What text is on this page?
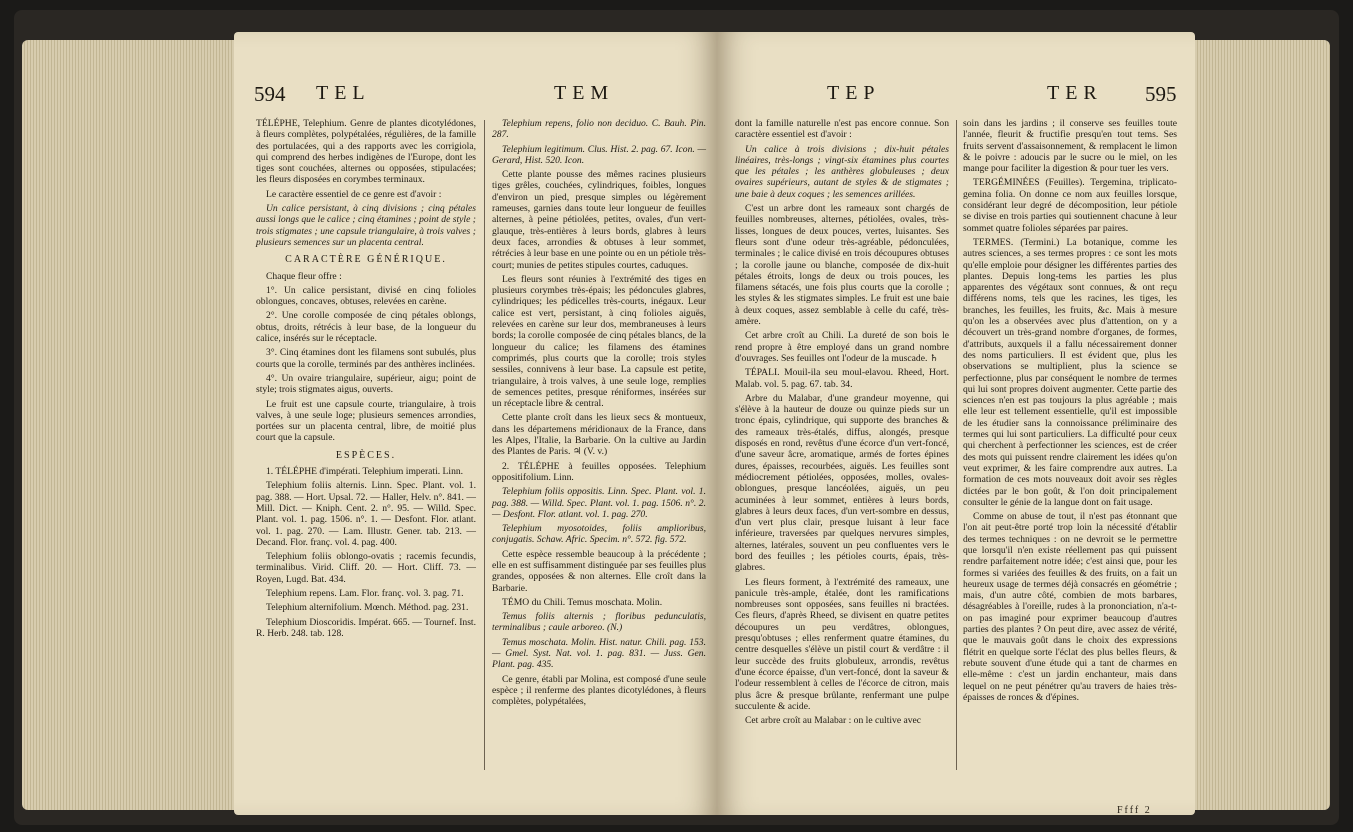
594 TEL	TEM

TÉLÉPHE, Telephium. Genre de plantes dicotylédones, à fleurs complètes, polypétalées, régulières, de la famille des portulacées, qui a des rapports avec les corrigiola, qui comprend des herbes indigènes de l'Europe, dont les tiges sont couchées, alternes ou opposées, stipulacées; les fleurs disposées en corymbes terminaux.

Le caractère essentiel de ce genre est d'avoir :

Un calice persistant, à cinq divisions ; cinq pétales aussi longs que le calice ; cinq étamines ; point de style ; trois stigmates ; une capsule triangulaire, à trois valves ; plusieurs semences sur un placenta central.

CARACTÈRE GÉNÉRIQUE.

Chaque fleur offre :

1°. Un calice persistant, divisé en cinq folioles oblongues, concaves, obtuses, relevées en carène.

2°. Une corolle composée de cinq pétales oblongs, obtus, droits, rétrécis à leur base, de la longueur du calice, insérés sur le réceptacle.

3°. Cinq étamines dont les filamens sont subulés, plus courts que la corolle, terminés par des anthères inclinées.

4°. Un ovaire triangulaire, supérieur, aigu; point de style; trois stigmates aigus, ouverts.

Le fruit est une capsule courte, triangulaire, à trois valves, à une seule loge; plusieurs semences arrondies, portées sur un placenta central, libre, de moitié plus court que la capsule.

ESPÈCES.

1. TÉLÉPHE d'impérati. Telephium imperati. Linn.

Telephium foliis alternis. Linn. Spec. Plant. vol. 1. pag. 388. — Hort. Upsal. 72. — Haller, Helv. n°. 841. — Mill. Dict. — Kniph. Cent. 2. n°. 95. — Willd. Spec. Plant. vol. 1. pag. 1506. n°. 1. — Desfont. Flor. atlant. vol. 1. pag. 270. — Lam. Illustr. Gener. tab. 213. — Decand. Flor. franç. vol. 4. pag. 400.

Telephium foliis oblongo-ovatis ; racemis fecundis, terminalibus. Virid. Cliff. 20. — Hort. Cliff. 73. — Royen, Lugd. Bat. 434.

Telephium repens. Lam. Flor. franç. vol. 3. pag. 71.

Telephium alternifolium. Mœnch. Méthod. pag. 231.

Telephium Dioscoridis. Impérat. 665. — Tournef. Inst. R. Herb. 248. tab. 128.

Telephium repens, folio non deciduo. C. Bauh. Pin. 287.

Telephium legitimum. Clus. Hist. 2. pag. 67. Icon. — Gerard, Hist. 520. Icon.

Cette plante pousse des mêmes racines plusieurs tiges grêles, couchées, cylindriques, foibles, longues d'environ un pied, presque simples ou légèrement rameuses, garnies dans toute leur longueur de feuilles alternes, à peine pétiolées, petites, ovales, d'un vert-glauque, très-entières à leurs bords, glabres à leurs deux faces, arrondies & obtuses à leur sommet, rétrécies à leur base en une pointe ou en un pétiole très-court; munies de petites stipules courtes, caduques.

Les fleurs sont réunies à l'extrémité des tiges en plusieurs corymbes très-épais; les pédoncules glabres, cylindriques; les pédicelles très-courts, inégaux. Leur calice est vert, persistant, à cinq folioles aiguës, relevées en carène sur leur dos, membraneuses à leurs bords; la corolle composée de cinq pétales blancs, de la longueur du calice; les filamens des étamines comprimés, plus courts que la corolle; trois styles sessiles, connivens à leur base. La capsule est petite, triangulaire, à trois valves, à une seule loge, remplies de semences petites, presque réniformes, insérées sur un réceptacle libre & central.

Cette plante croît dans les lieux secs & montueux, dans les départemens méridionaux de la France, dans les Alpes, l'Italie, la Barbarie. On la cultive au Jardin des Plantes de Paris. ♃ (V. v.)

2. TÉLÉPHE à feuilles opposées. Telephium oppositifolium. Linn.

Telephium foliis oppositis. Linn. Spec. Plant. vol. 1. pag. 388. — Willd. Spec. Plant. vol. 1. pag. 1506. n°. 2. — Desfont. Flor. atlant. vol. 1. pag. 270.

Telephium myosotoides, foliis amplioribus, conjugatis. Schaw. Afric. Specim. n°. 572. fig. 572.

Cette espèce ressemble beaucoup à la précédente ; elle en est suffisamment distinguée par ses feuilles plus grandes, opposées & non alternes. Elle croît dans la Barbarie.

TÉMO du Chili. Temus moschata. Molin.

Temus foliis alternis ; floribus pedunculatis, terminalibus ; caule arboreo. (N.)

Temus moschata. Molin. Hist. natur. Chili. pag. 153. — Gmel. Syst. Nat. vol. 1. pag. 831. — Juss. Gen. Plant. pag. 435.

Ce genre, établi par Molina, est composé d'une seule espèce ; il renferme des plantes dicotylédones, à fleurs complètes, polypétalées,

TEP	TER 595

dont la famille naturelle n'est pas encore connue. Son caractère essentiel est d'avoir :

Un calice à trois divisions ; dix-huit pétales linéaires, très-longs ; vingt-six étamines plus courtes que les pétales ; les anthères globuleuses ; deux ovaires supérieurs, autant de styles & de stigmates ; une baie à deux coques ; les semences arillées.

C'est un arbre dont les rameaux sont chargés de feuilles nombreuses, alternes, pétiolées, ovales, très-lisses, longues de deux pouces, vertes, luisantes. Ses fleurs sont d'une odeur très-agréable, pédonculées, terminales ; le calice divisé en trois découpures obtuses ; la corolle jaune ou blanche, composée de dix-huit pétales étroits, longs de deux ou trois pouces, les filamens sétacés, une fois plus courts que la corolle ; les styles & les stigmates simples. Le fruit est une baie à deux coques, assez semblable à celle du café, très-amère.

Cet arbre croît au Chili. La dureté de son bois le rend propre à être employé dans un grand nombre d'ouvrages. Ses feuilles ont l'odeur de la muscade. ♄

TÉPALI. Mouil-ila seu moul-elavou. Rheed, Hort. Malab. vol. 5. pag. 67. tab. 34.

Arbre du Malabar, d'une grandeur moyenne, qui s'élève à la hauteur de douze ou quinze pieds sur un tronc épais, cylindrique, qui supporte des branches & des rameaux très-étalés, diffus, alongés, presque disposés en rond, revêtus d'une écorce d'un vert-foncé, d'une saveur âcre, aromatique, armés de fortes épines dures, épaisses, recourbées, aiguës. Les feuilles sont médiocrement pétiolées, opposées, molles, ovales-oblongues, presque lancéolées, aiguës, un peu acuminées à leur sommet, entières à leurs bords, glabres à leurs deux faces, d'un vert-sombre en dessus, d'un vert plus clair, presque luisant à leur face inférieure, traversées par quelques nervures simples, alternes, latérales, souvent un peu confluentes vers le bord des feuilles ; les pétioles courts, épais, très-glabres.

Les fleurs forment, à l'extrémité des rameaux, une panicule très-ample, étalée, dont les ramifications nombreuses sont opposées, sans feuilles ni bractées. Ces fleurs, d'après Rheed, se divisent en quatre petites découpures un peu verdâtres, oblongues, presqu'obtuses ; elles renferment quatre étamines, du centre desquelles s'élève un pistil court & verdâtre : il leur succède des fruits globuleux, arrondis, revêtus d'une écorce épaisse, d'un vert-foncé, dont la saveur & l'odeur ressemblent à celles de l'écorce de citron, mais plus âcre & presque brûlante, renfermant une pulpe succulente & acide.

Cet arbre croît au Malabar : on le cultive avec

soin dans les jardins ; il conserve ses feuilles toute l'année, fleurit & fructifie presqu'en tout tems. Ses fruits servent d'assaisonnement, & remplacent le limon & le poivre : adoucis par le sucre ou le miel, on les mange pour faciliter la digestion & pour tuer les vers.

TERGÉMINÉES (Feuilles). Tergemina, triplicato-gemina folia. On donne ce nom aux feuilles lorsque, considérant leur degré de décomposition, leur pétiole se divise en trois parties qui soutiennent chacune à leur sommet quatre folioles séparées par paires.

TERMES. (Termini.) La botanique, comme les autres sciences, a ses termes propres : ce sont les mots qu'elle emploie pour désigner les différentes parties des plantes. Depuis long-tems les parties les plus apparentes des végétaux sont connues, & ont reçu différens noms, tels que les racines, les tiges, les branches, les feuilles, les fruits, &c. Mais à mesure qu'on les a observées avec plus d'attention, on y a découvert un très-grand nombre d'organes, de formes, d'attributs, auxquels il a fallu nécessairement donner des noms particuliers. Il est évident que, plus les observations se multiplient, plus la science se perfectionne, plus par conséquent le nombre de termes qui lui sont propres doivent augmenter. Cette partie des sciences n'en est pas toujours la plus agréable ; mais elle leur est tellement essentielle, qu'il est impossible de les étudier sans la connoissance préliminaire des termes qui lui sont particuliers. La difficulté pour ceux qui cherchent à perfectionner les sciences, est de créer des mots qui puissent rendre clairement les idées qu'on veut exprimer, & les faire comprendre aux autres. La formation de ces mots nouveaux doit avoir ses règles dictées par le bon goût, & l'on doit principalement consulter le génie de la langue dont on fait usage.

Comme on abuse de tout, il n'est pas étonnant que l'on ait peut-être porté trop loin la nécessité d'établir des termes techniques : on ne devroit se le permettre que lorsqu'il n'en existe réellement pas qui puissent rendre parfaitement notre idée; c'est ainsi que, pour les formes si variées des feuilles & des fruits, on a fait un heureux usage de termes déjà consacrés en géométrie ; mais, d'un autre côté, combien de mots barbares, désagréables à l'oreille, rudes à la prononciation, n'a-t-on pas imaginé pour exprimer beaucoup d'autres parties des plantes ? On peut dire, avec assez de vérité, que le mauvais goût dans le choix des expressions flétrit en quelque sorte l'éclat des plus belles fleurs, & rebute souvent d'une étude qui a tant de charmes en elle-même : c'est un jardin enchanteur, mais dans lequel on ne peut pénétrer qu'au travers de haies très-épaisses de ronces & d'épines.

Ffff 2
